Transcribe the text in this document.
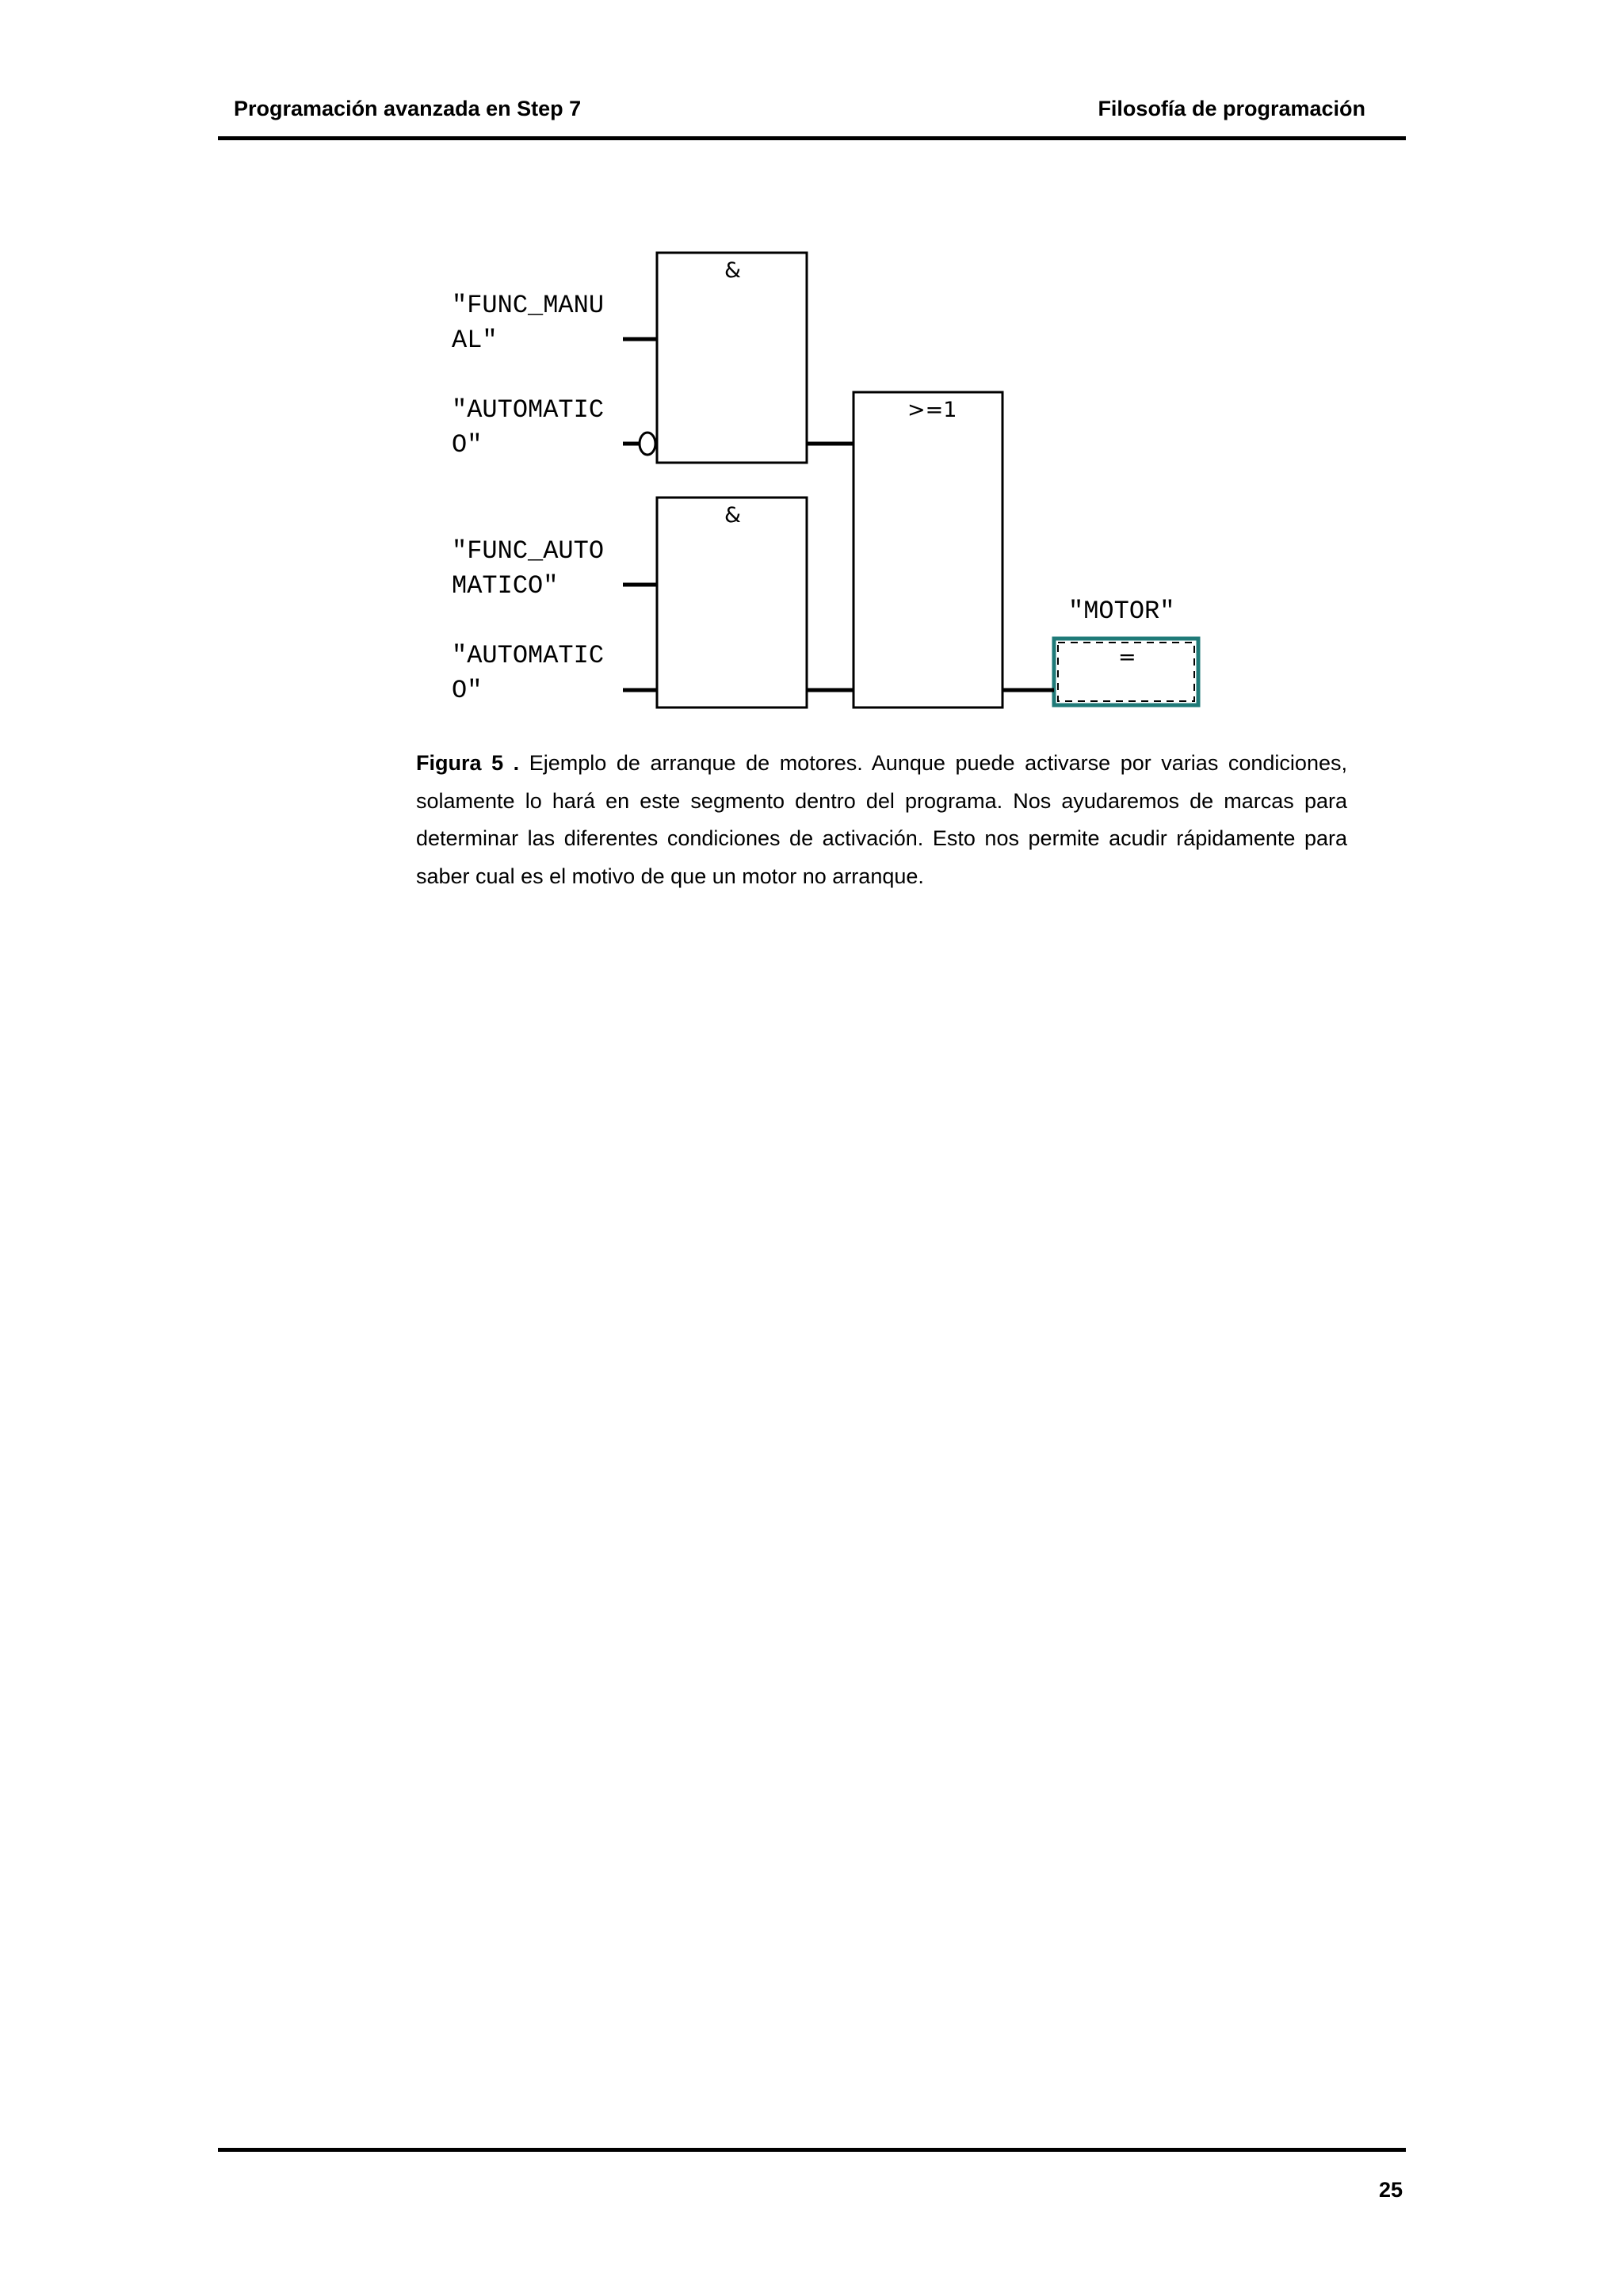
Programación avanzada en Step 7	Filosofía de programación
"FUNC_MANU
AL"
"AUTOMATIC
O"
"FUNC_AUTO
MATICO"
"AUTOMATIC
O"
"MOTOR"
&
&
>=1
=
Figura 5 . Ejemplo de arranque de motores. Aunque puede activarse por varias condiciones, solamente lo hará en este segmento dentro del programa. Nos ayudaremos de marcas para determinar las diferentes condiciones de activación. Esto nos permite acudir rápidamente para saber cual es el motivo de que un motor no arranque.
25
